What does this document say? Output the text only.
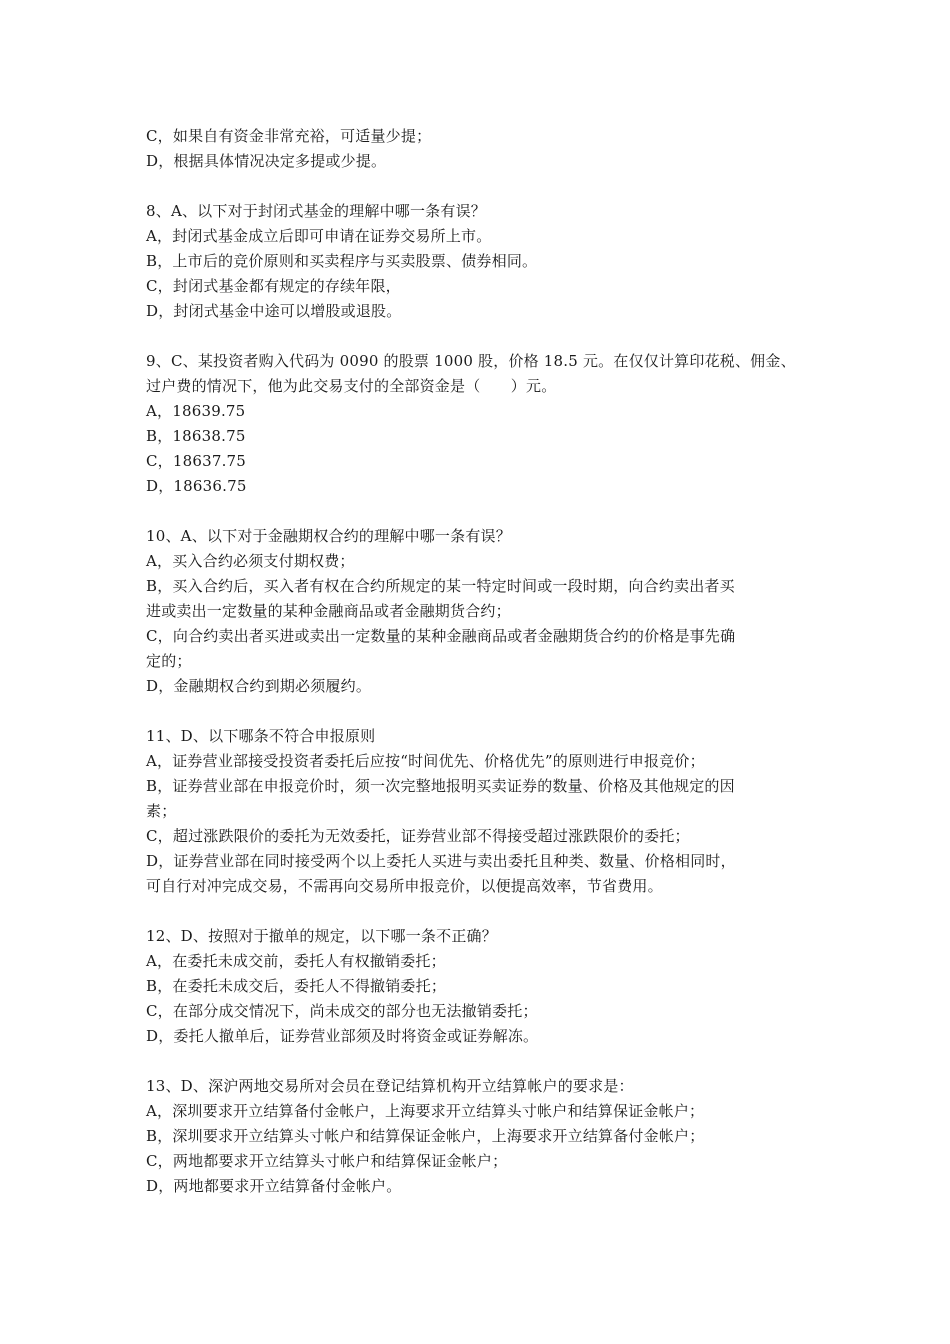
C，如果自有资金非常充裕，可适量少提；
D，根据具体情况决定多提或少提。
8、A、以下对于封闭式基金的理解中哪一条有误？
A，封闭式基金成立后即可申请在证券交易所上市。
B，上市后的竞价原则和买卖程序与买卖股票、债券相同。
C，封闭式基金都有规定的存续年限，
D，封闭式基金中途可以增股或退股。
9、C、某投资者购入代码为 0090 的股票 1000 股，价格 18.5 元。在仅仅计算印花税、佣金、
过户费的情况下，他为此交易支付的全部资金是（　　）元。
A，18639.75
B，18638.75
C，18637.75
D，18636.75
10、A、以下对于金融期权合约的理解中哪一条有误？
A，买入合约必须支付期权费；
B，买入合约后，买入者有权在合约所规定的某一特定时间或一段时期，向合约卖出者买
进或卖出一定数量的某种金融商品或者金融期货合约；
C，向合约卖出者买进或卖出一定数量的某种金融商品或者金融期货合约的价格是事先确
定的；
D，金融期权合约到期必须履约。
11、D、以下哪条不符合申报原则
A，证券营业部接受投资者委托后应按“时间优先、价格优先”的原则进行申报竞价；
B，证券营业部在申报竞价时，须一次完整地报明买卖证券的数量、价格及其他规定的因
素；
C，超过涨跌限价的委托为无效委托，证券营业部不得接受超过涨跌限价的委托；
D，证券营业部在同时接受两个以上委托人买进与卖出委托且种类、数量、价格相同时，
可自行对冲完成交易，不需再向交易所申报竞价，以便提高效率，节省费用。
12、D、按照对于撤单的规定，以下哪一条不正确？
A，在委托未成交前，委托人有权撤销委托；
B，在委托未成交后，委托人不得撤销委托；
C，在部分成交情况下，尚未成交的部分也无法撤销委托；
D，委托人撤单后，证券营业部须及时将资金或证券解冻。
13、D、深沪两地交易所对会员在登记结算机构开立结算帐户的要求是：
A，深圳要求开立结算备付金帐户，上海要求开立结算头寸帐户和结算保证金帐户；
B，深圳要求开立结算头寸帐户和结算保证金帐户，上海要求开立结算备付金帐户；
C，两地都要求开立结算头寸帐户和结算保证金帐户；
D，两地都要求开立结算备付金帐户。
